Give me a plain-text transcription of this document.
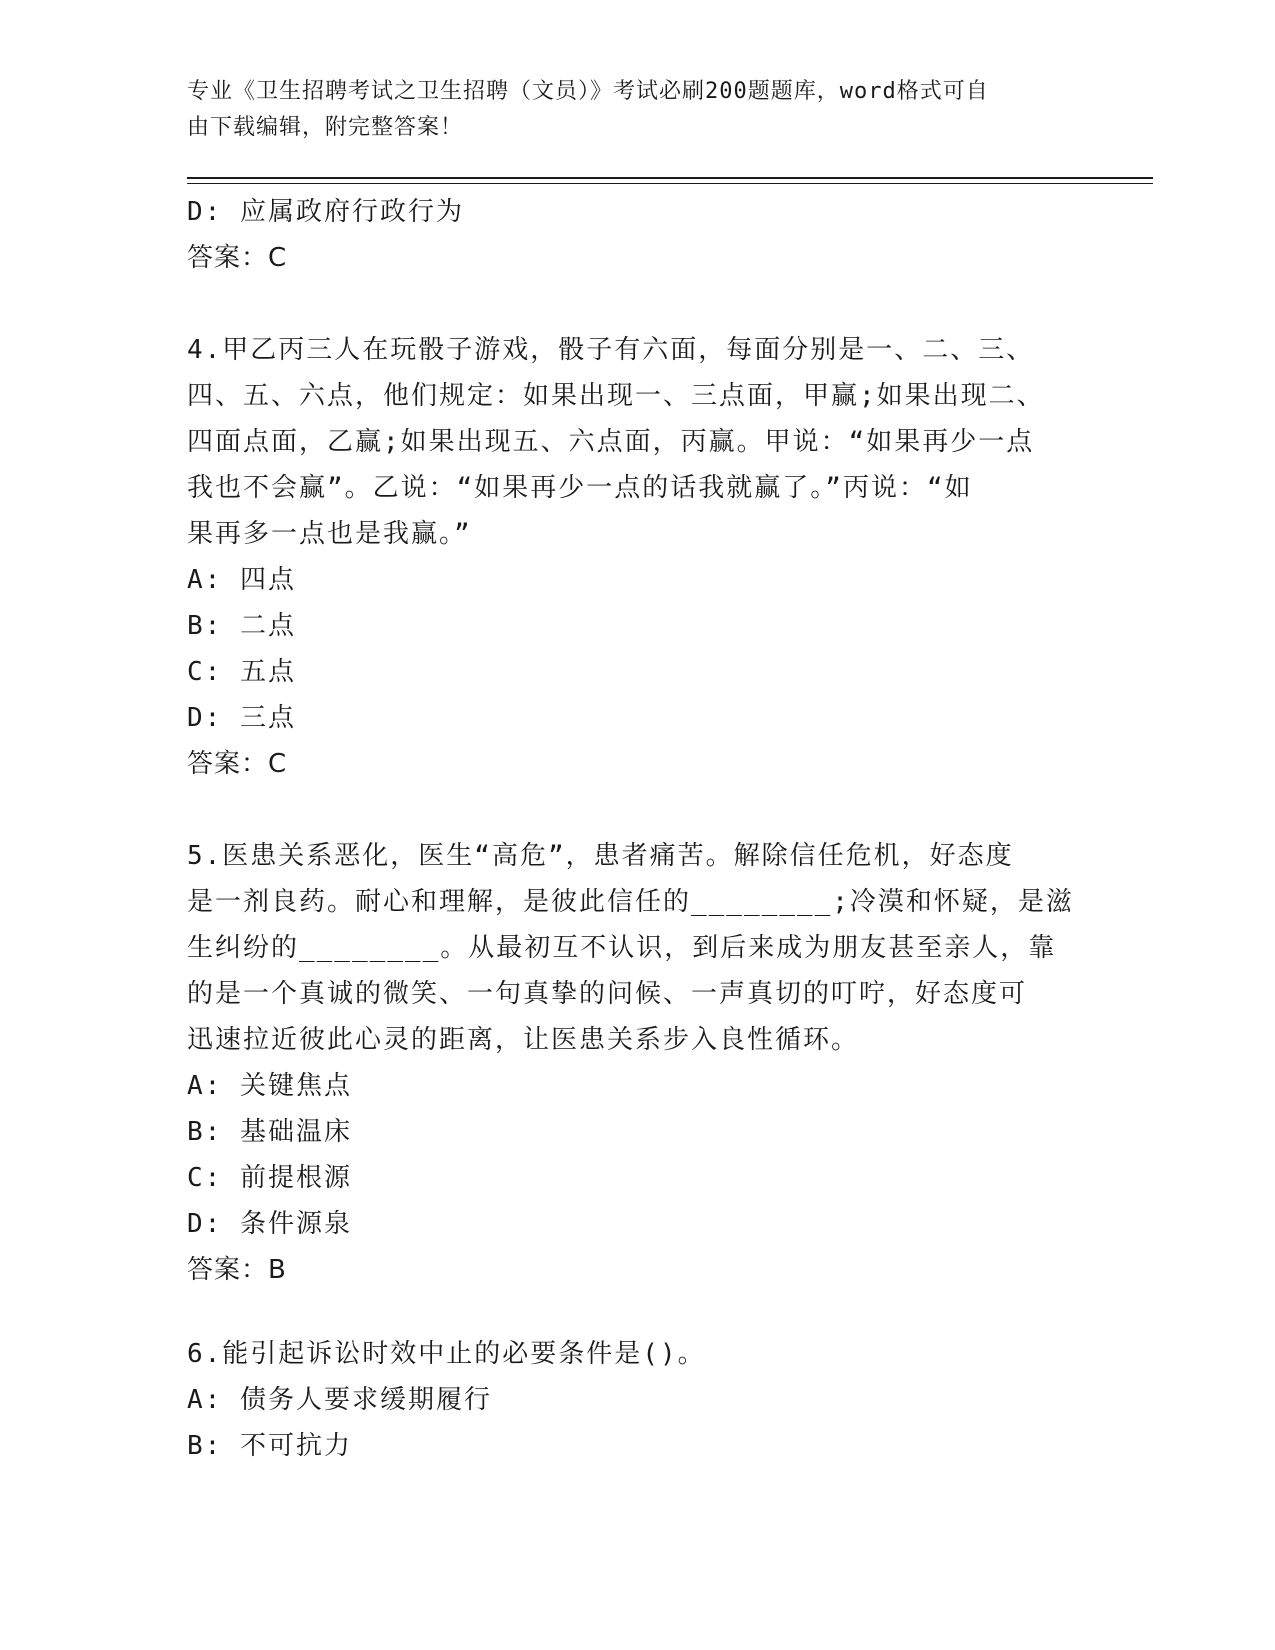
专业《卫生招聘考试之卫生招聘（文员）》考试必刷200题题库，word格式可自
由下载编辑，附完整答案！
D: 应属政府行政行为
答案：C
4.甲乙丙三人在玩骰子游戏，骰子有六面，每面分别是一、二、三、
四、五、六点，他们规定：如果出现一、三点面，甲赢;如果出现二、
四面点面，乙赢;如果出现五、六点面，丙赢。甲说：“如果再少一点
我也不会赢”。乙说：“如果再少一点的话我就赢了。”丙说：“如
果再多一点也是我赢。”
A: 四点
B: 二点
C: 五点
D: 三点
答案：C
5.医患关系恶化，医生“高危”，患者痛苦。解除信任危机，好态度
是一剂良药。耐心和理解，是彼此信任的________;冷漠和怀疑，是滋
生纠纷的________。从最初互不认识，到后来成为朋友甚至亲人，靠
的是一个真诚的微笑、一句真挚的问候、一声真切的叮咛，好态度可
迅速拉近彼此心灵的距离，让医患关系步入良性循环。
A: 关键焦点
B: 基础温床
C: 前提根源
D: 条件源泉
答案：B
6.能引起诉讼时效中止的必要条件是()。
A: 债务人要求缓期履行
B: 不可抗力
